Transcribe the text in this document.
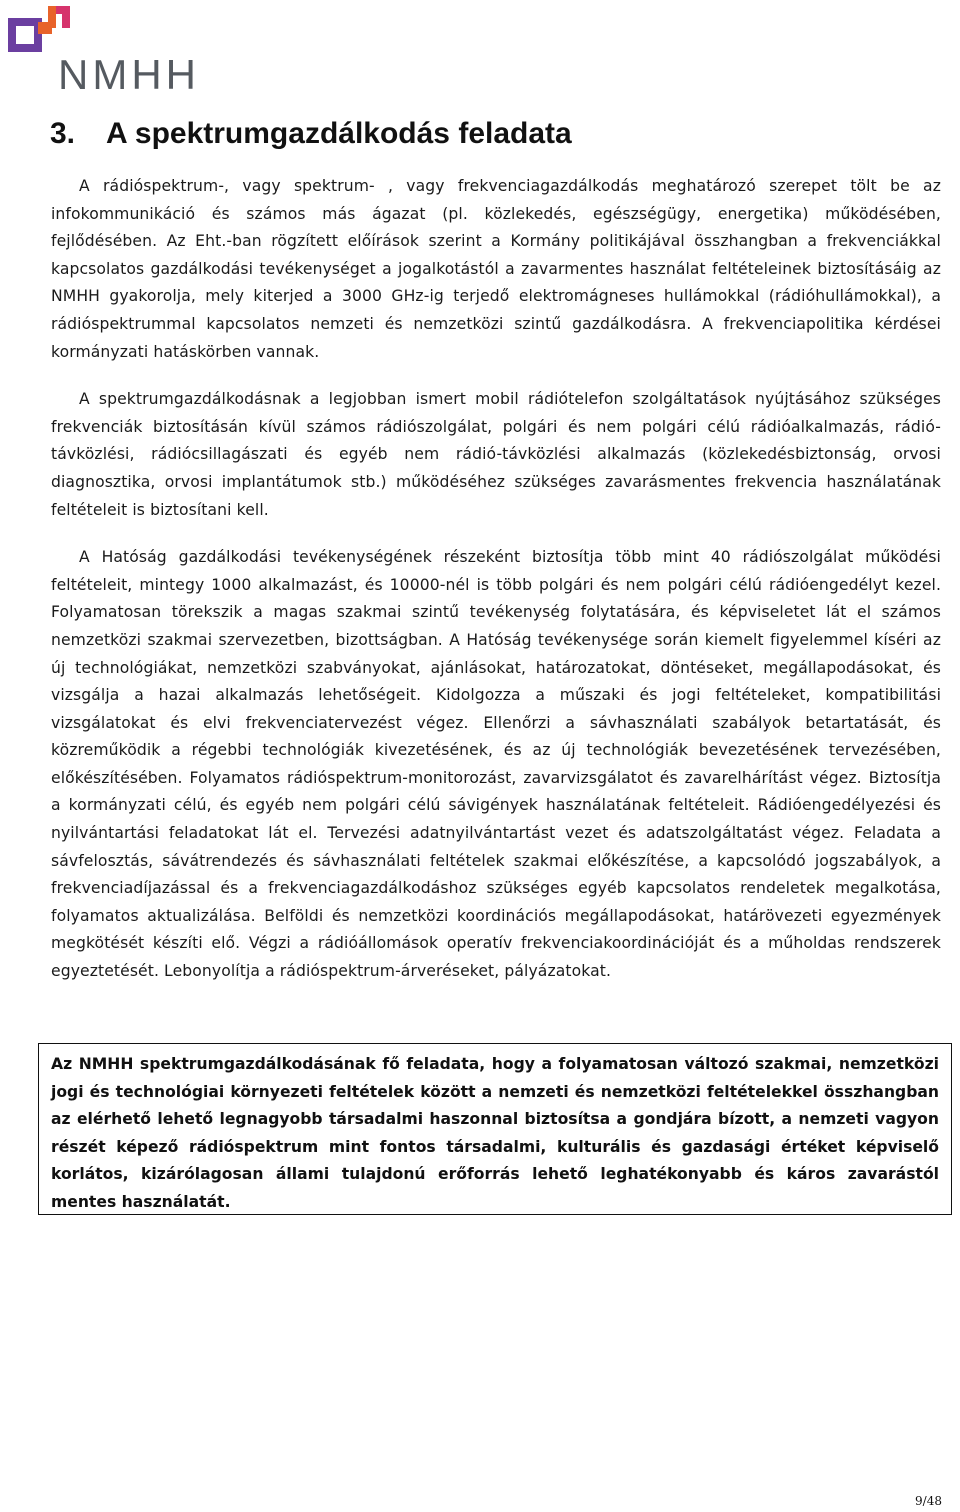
NMHH
3. A spektrumgazdálkodás feladata

A rádióspektrum-, vagy spektrum- , vagy frekvenciagazdálkodás meghatározó szerepet tölt be az infokommunikáció és számos más ágazat (pl. közlekedés, egészségügy, energetika) működésében, fejlődésében. Az Eht.-ban rögzített előírások szerint a Kormány politikájával összhangban a frekvenciákkal kapcsolatos gazdálkodási tevékenységet a jogalkotástól a zavarmentes használat feltételeinek biztosításáig az NMHH gyakorolja, mely kiterjed a 3000 GHz-ig terjedő elektromágneses hullámokkal (rádióhullámokkal), a rádióspektrummal kapcsolatos nemzeti és nemzetközi szintű gazdálkodásra. A frekvenciapolitika kérdései kormányzati hatáskörben vannak.

A spektrumgazdálkodásnak a legjobban ismert mobil rádiótelefon szolgáltatások nyújtásához szükséges frekvenciák biztosításán kívül számos rádiószolgálat, polgári és nem polgári célú rádióalkalmazás, rádió-távközlési, rádiócsillagászati és egyéb nem rádió-távközlési alkalmazás (közlekedésbiztonság, orvosi diagnosztika, orvosi implantátumok stb.) működéséhez szükséges zavarásmentes frekvencia használatának feltételeit is biztosítani kell.

A Hatóság gazdálkodási tevékenységének részeként biztosítja több mint 40 rádiószolgálat működési feltételeit, mintegy 1000 alkalmazást, és 10000-nél is több polgári és nem polgári célú rádióengedélyt kezel. Folyamatosan törekszik a magas szakmai szintű tevékenység folytatására, és képviseletet lát el számos nemzetközi szakmai szervezetben, bizottságban. A Hatóság tevékenysége során kiemelt figyelemmel kíséri az új technológiákat, nemzetközi szabványokat, ajánlásokat, határozatokat, döntéseket, megállapodásokat, és vizsgálja a hazai alkalmazás lehetőségeit. Kidolgozza a műszaki és jogi feltételeket, kompatibilitási vizsgálatokat és elvi frekvenciatervezést végez. Ellenőrzi a sávhasználati szabályok betartatását, és közreműködik a régebbi technológiák kivezetésének, és az új technológiák bevezetésének tervezésében, előkészítésében. Folyamatos rádióspektrum-monitorozást, zavarvizsgálatot és zavarelhárítást végez. Biztosítja a kormányzati célú, és egyéb nem polgári célú sávigények használatának feltételeit. Rádióengedélyezési és nyilvántartási feladatokat lát el. Tervezési adatnyilvántartást vezet és adatszolgáltatást végez. Feladata a sávfelosztás, sávátrendezés és sávhasználati feltételek szakmai előkészítése, a kapcsolódó jogszabályok, a frekvenciadíjazással és a frekvenciagazdálkodáshoz szükséges egyéb kapcsolatos rendeletek megalkotása, folyamatos aktualizálása. Belföldi és nemzetközi koordinációs megállapodásokat, határövezeti egyezmények megkötését készíti elő. Végzi a rádióállomások operatív frekvenciakoordinációját és a műholdas rendszerek egyeztetését. Lebonyolítja a rádióspektrum-árveréseket, pályázatokat.

Az NMHH spektrumgazdálkodásának fő feladata, hogy a folyamatosan változó szakmai, nemzetközi jogi és technológiai környezeti feltételek között a nemzeti és nemzetközi feltételekkel összhangban az elérhető lehető legnagyobb társadalmi haszonnal biztosítsa a gondjára bízott, a nemzeti vagyon részét képező rádióspektrum mint fontos társadalmi, kulturális és gazdasági értéket képviselő korlátos, kizárólagosan állami tulajdonú erőforrás lehető leghatékonyabb és káros zavarástól mentes használatát.

9/48
